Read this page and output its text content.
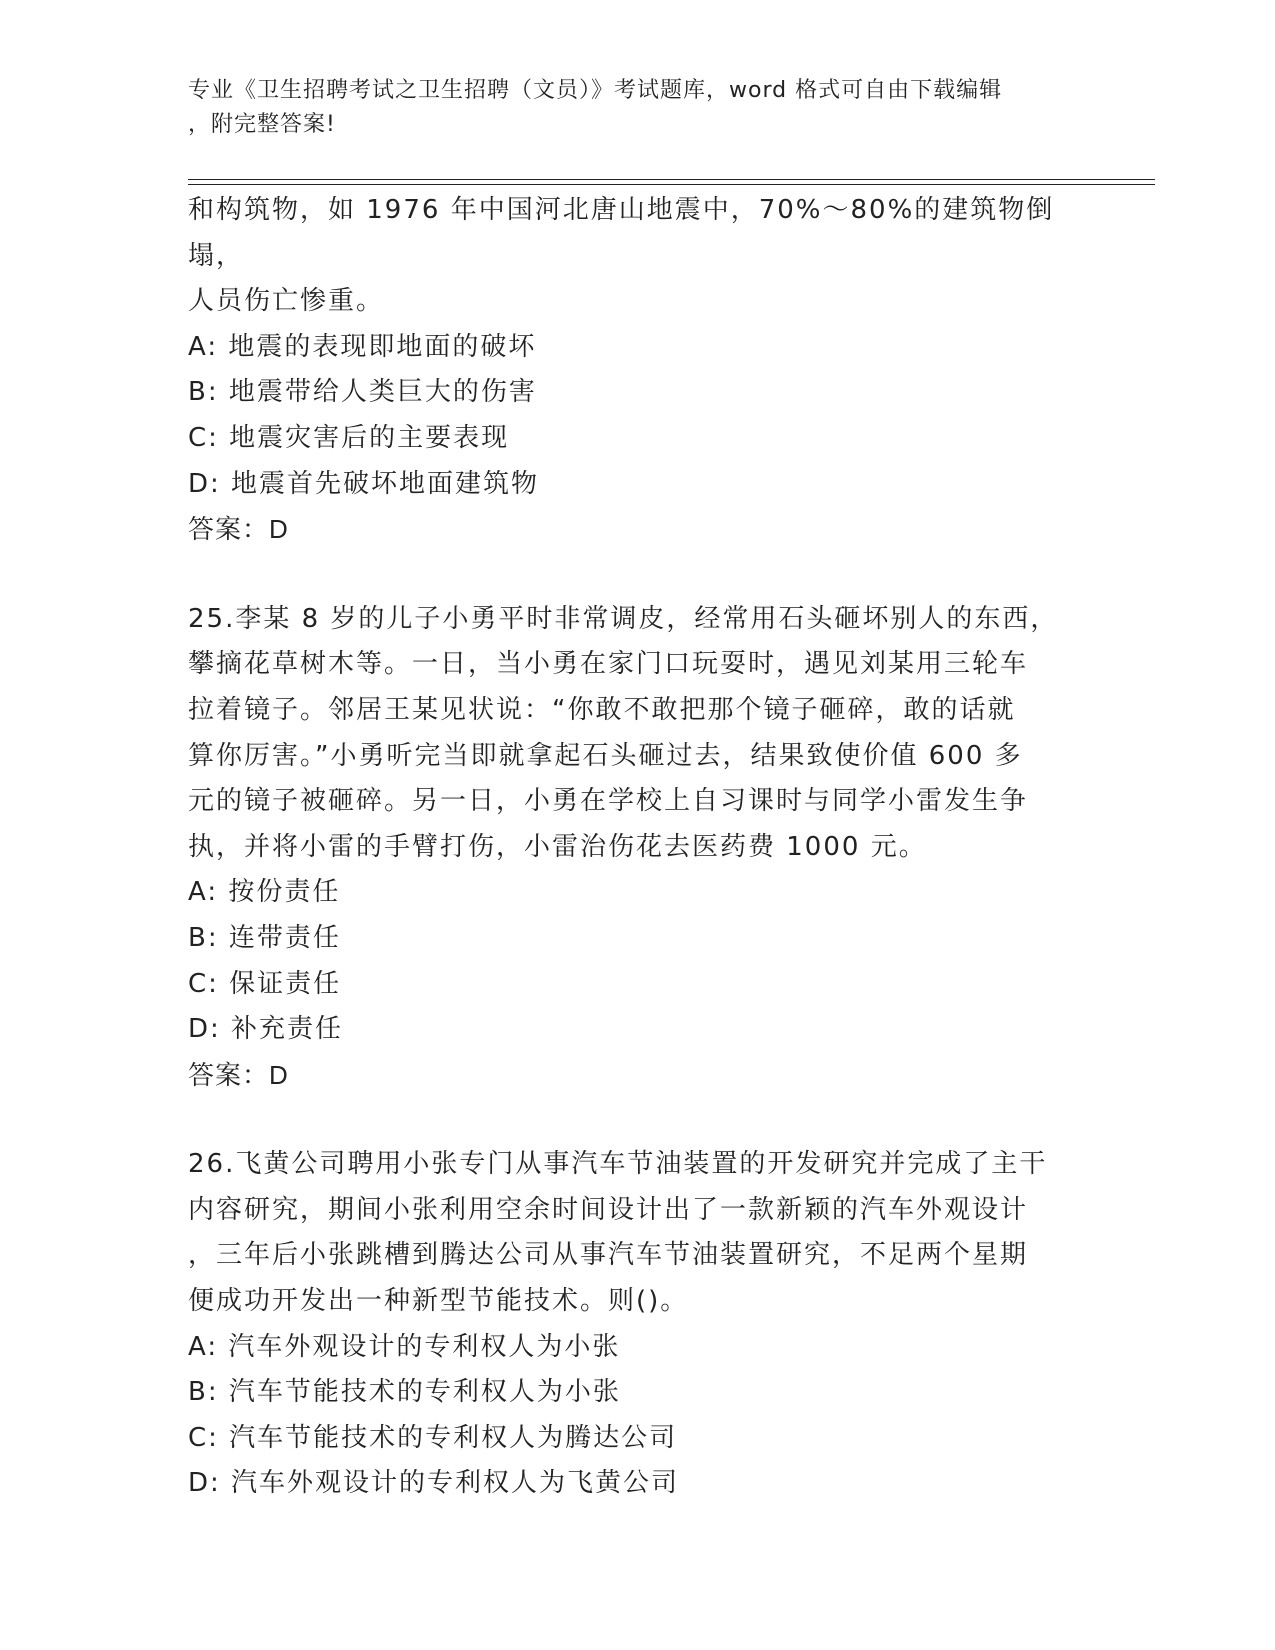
专业《卫生招聘考试之卫生招聘（文员）》考试题库，word 格式可自由下载编辑
，附完整答案!

和构筑物，如 1976 年中国河北唐山地震中，70%～80%的建筑物倒塌，

人员伤亡惨重。

A: 地震的表现即地面的破坏

B: 地震带给人类巨大的伤害

C: 地震灾害后的主要表现

D: 地震首先破坏地面建筑物

答案：D

25.李某 8 岁的儿子小勇平时非常调皮，经常用石头砸坏别人的东西，

攀摘花草树木等。一日，当小勇在家门口玩耍时，遇见刘某用三轮车

拉着镜子。邻居王某见状说：“你敢不敢把那个镜子砸碎，敢的话就

算你厉害。”小勇听完当即就拿起石头砸过去，结果致使价值 600 多

元的镜子被砸碎。另一日，小勇在学校上自习课时与同学小雷发生争

执，并将小雷的手臂打伤，小雷治伤花去医药费 1000 元。

A: 按份责任

B: 连带责任

C: 保证责任

D: 补充责任

答案：D

26.飞黄公司聘用小张专门从事汽车节油装置的开发研究并完成了主干

内容研究，期间小张利用空余时间设计出了一款新颖的汽车外观设计

，三年后小张跳槽到腾达公司从事汽车节油装置研究，不足两个星期

便成功开发出一种新型节能技术。则()。

A: 汽车外观设计的专利权人为小张

B: 汽车节能技术的专利权人为小张

C: 汽车节能技术的专利权人为腾达公司

D: 汽车外观设计的专利权人为飞黄公司
